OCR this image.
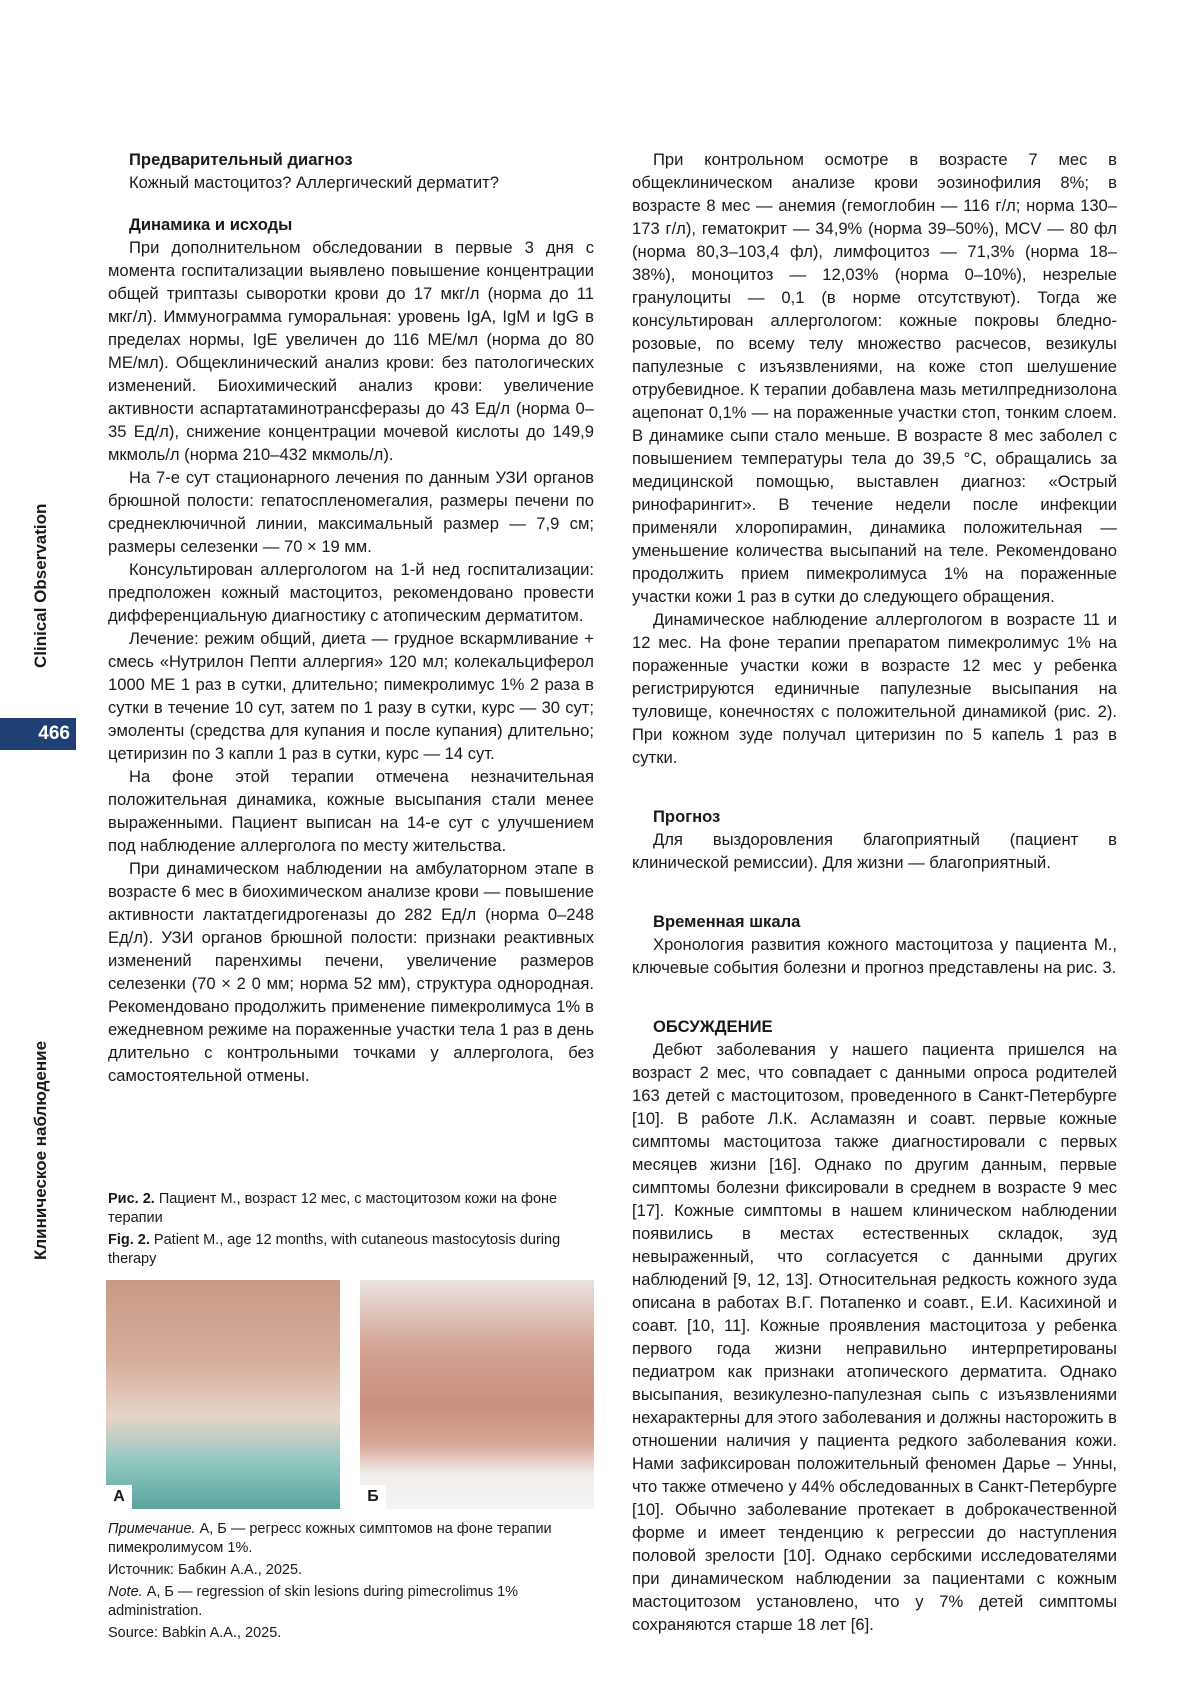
Clinical Observation
466
Клиническое наблюдение

Предварительный диагноз

Кожный мастоцитоз? Аллергический дерматит?

Динамика и исходы

При дополнительном обследовании в первые 3 дня с момента госпитализации выявлено повышение концентрации общей триптазы сыворотки крови до 17 мкг/л (норма до 11 мкг/л). Иммунограмма гуморальная: уровень IgA, IgM и IgG в пределах нормы, IgE увеличен до 116 МЕ/мл (норма до 80 МЕ/мл). Общеклинический анализ крови: без патологических изменений. Биохимический анализ крови: увеличение активности аспартатаминотрансферазы до 43 Ед/л (норма 0–35 Ед/л), снижение концентрации мочевой кислоты до 149,9 мкмоль/л (норма 210–432 мкмоль/л).

На 7-е сут стационарного лечения по данным УЗИ органов брюшной полости: гепатоспленомегалия, размеры печени по среднеключичной линии, максимальный размер — 7,9 см; размеры селезенки — 70 × 19 мм.

Консультирован аллергологом на 1-й нед госпитализации: предположен кожный мастоцитоз, рекомендовано провести дифференциальную диагностику с атопическим дерматитом.

Лечение: режим общий, диета — грудное вскармливание + смесь «Нутрилон Пепти аллергия» 120 мл; колекальциферол 1000 МЕ 1 раз в сутки, длительно; пимекролимус 1% 2 раза в сутки в течение 10 сут, затем по 1 разу в сутки, курс — 30 сут; эмоленты (средства для купания и после купания) длительно; цетиризин по 3 капли 1 раз в сутки, курс — 14 сут.

На фоне этой терапии отмечена незначительная положительная динамика, кожные высыпания стали менее выраженными. Пациент выписан на 14-е сут с улучшением под наблюдение аллерголога по месту жительства.

При динамическом наблюдении на амбулаторном этапе в возрасте 6 мес в биохимическом анализе крови — повышение активности лактатдегидрогеназы до 282 Ед/л (норма 0–248 Ед/л). УЗИ органов брюшной полости: признаки реактивных изменений паренхимы печени, увеличение размеров селезенки (70 × 2 0 мм; норма 52 мм), структура однородная. Рекомендовано продолжить применение пимекролимуса 1% в ежедневном режиме на пораженные участки тела 1 раз в день длительно с контрольными точками у аллерголога, без самостоятельной отмены.

Рис. 2. Пациент М., возраст 12 мес, с мастоцитозом кожи на фоне терапии

Fig. 2. Patient M., age 12 months, with cutaneous mastocytosis during therapy

А	Б

Примечание. А, Б — регресс кожных симптомов на фоне терапии пимекролимусом 1%.

Источник: Бабкин А.А., 2025.

Note. А, Б — regression of skin lesions during pimecrolimus 1% administration.

Source: Babkin A.A., 2025.

При контрольном осмотре в возрасте 7 мес в общеклиническом анализе крови эозинофилия 8%; в возрасте 8 мес — анемия (гемоглобин — 116 г/л; норма 130–173 г/л), гематокрит — 34,9% (норма 39–50%), MCV — 80 фл (норма 80,3–103,4 фл), лимфоцитоз — 71,3% (норма 18–38%), моноцитоз — 12,03% (норма 0–10%), незрелые гранулоциты — 0,1 (в норме отсутствуют). Тогда же консультирован аллергологом: кожные покровы бледно-розовые, по всему телу множество расчесов, везикулы папулезные с изъязвлениями, на коже стоп шелушение отрубевидное. К терапии добавлена мазь метилпреднизолона ацепонат 0,1% — на пораженные участки стоп, тонким слоем. В динамике сыпи стало меньше. В возрасте 8 мес заболел с повышением температуры тела до 39,5 °С, обращались за медицинской помощью, выставлен диагноз: «Острый ринофарингит». В течение недели после инфекции применяли хлоропирамин, динамика положительная — уменьшение количества высыпаний на теле. Рекомендовано продолжить прием пимекролимуса 1% на пораженные участки кожи 1 раз в сутки до следующего обращения.

Динамическое наблюдение аллергологом в возрасте 11 и 12 мес. На фоне терапии препаратом пимекролимус 1% на пораженные участки кожи в возрасте 12 мес у ребенка регистрируются единичные папулезные высыпания на туловище, конечностях с положительной динамикой (рис. 2). При кожном зуде получал цитеризин по 5 капель 1 раз в сутки.

Прогноз

Для выздоровления благоприятный (пациент в клинической ремиссии). Для жизни — благоприятный.

Временная шкала

Хронология развития кожного мастоцитоза у пациента М., ключевые события болезни и прогноз представлены на рис. 3.

ОБСУЖДЕНИЕ

Дебют заболевания у нашего пациента пришелся на возраст 2 мес, что совпадает с данными опроса родителей 163 детей с мастоцитозом, проведенного в Санкт-Петербурге [10]. В работе Л.К. Асламазян и соавт. первые кожные симптомы мастоцитоза также диагностировали с первых месяцев жизни [16]. Однако по другим данным, первые симптомы болезни фиксировали в среднем в возрасте 9 мес [17]. Кожные симптомы в нашем клиническом наблюдении появились в местах естественных складок, зуд невыраженный, что согласуется с данными других наблюдений [9, 12, 13]. Относительная редкость кожного зуда описана в работах В.Г. Потапенко и соавт., Е.И. Касихиной и соавт. [10, 11]. Кожные проявления мастоцитоза у ребенка первого года жизни неправильно интерпретированы педиатром как признаки атопического дерматита. Однако высыпания, везикулезно-папулезная сыпь с изъязвлениями нехарактерны для этого заболевания и должны насторожить в отношении наличия у пациента редкого заболевания кожи. Нами зафиксирован положительный феномен Дарье – Унны, что также отмечено у 44% обследованных в Санкт-Петербурге [10]. Обычно заболевание протекает в доброкачественной форме и имеет тенденцию к регрессии до наступления половой зрелости [10]. Однако сербскими исследователями при динамическом наблюдении за пациентами с кожным мастоцитозом установлено, что у 7% детей симптомы сохраняются старше 18 лет [6].
